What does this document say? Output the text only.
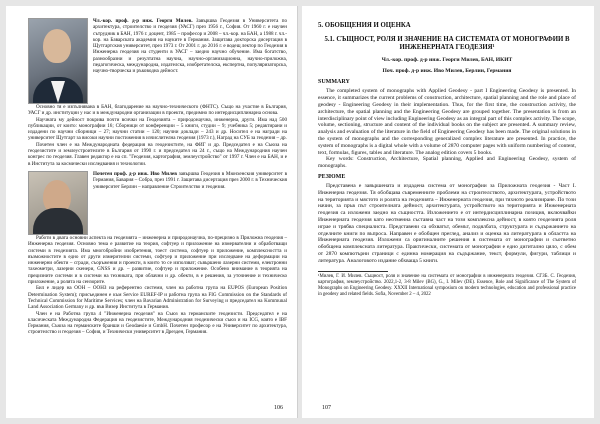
Чл.-кор. проф. д-р инж. Георги Милев. Завършва Геодезия в Университета по архитектура, строителство и геодезия (УАСГ) през 1956 г., София. От 1960 г. е научен сътрудник в БАН, 1976 г. доцент, 1985 – професор и 2008 – чл.-кор. на БАН, а 1988 г. чл.-кор. на Баварската академия на науките в Германия. Защитава докторска дисертация в Щутгартския университет, през 1973 г. От 2001 г. до 2016 г. е водещ лектор по Геодезия в Инженерна геодезия на студенти в УАСГ – заедно научно обучение. Има богатство, разнообразни и резултатна научна, научно-организационна, научно-приложна, педагогическа, международна, издателска, изобретателска, експертна, популяризаторска, научно-творческа и ръководна дейност.

Основно тя е изпълнявана в БАН, благодарение на научно-техническото (ФНТС). Също на участие в България, УАСГ и др. институции у нас и в международни организации в проекти, предимно по интердисциплинарна основа.

Научната му дейност покрива почти всички на Геодезията – природонаучна, инженерна, други. Има над 500 публикации, от които: монографии 16; Сборници от конференции – 5 книги, студии – 9; учебника 5; редактирани и издадени по научни сборници – 27; научни статии – 120; научни доклади – 243 и др. Носител е на награди на университет Щутгарт за високи научни постижения в изчислителна геодезия (1973 г.), Наград на СУБ за геодезия – др.

Почетен член е на Международната федерация на геодезистите, на ФИГ и др. Председател е на Съюза на геодезистите и землеустроителите в България от 1990 г. и председател на 24 г., също на Международния научен конгрес по геодезия. Главен редактор е на сп. "Геодезия, картография, землеустройство" от 1997 г. Член е на БАН, и е в Института за космически изследвания и технологии.

Почетен проф. д-р инж. Иво Милев завършва Геодезия в Мюнхенския университет в Германия, Бавария – Собра, през 1991 г. Защитава дисертация през 2000 г. в Техническия университет Берлин – направление Строителство и геодезия.

Работи в двата основни аспекта на геодезията – инженерна и природонаучна, по-прецизно в Приложна геодезия – Инженерна геодезия. Основно тема е развитие на теория, софтуер и приложение на измервателни и обработващи системи в геодезията. Има многобройни изобретения, тоест система, софтуер и приложение, комплексността и възможностите в едно от други измерителни системи, софтуер и приложение при изследване на деформации на инженерни обекти – сгради, съоръжения и проекти, в които то се използват; съвършено лазерни системи, електронни тахеометри, лазерни скенери, GNSS и др. – развитие, софтуер и приложение. Особено внимание в теорията на прецизните системи и в системи на техниката, при облачни и др. обекти, в е решения, за уточнение и техническо приложение, а ролята на сензорите.

Бил е лидер на ООН – ООНЗ на референтно системи, член на работна група на EUPOS (European Position Determination System); присъединен е към Service EUREF-IP и работна група на FIG Commission on the Standards of Technical Commission for Maritime Services; член на Bavarian Administration for Surveying и председател на Kommunal Land Association Germany и др. във Визер Института в Германия.

Член е на Работна група 4 "Инженерна геодезия" на Съюз на германските геодезисти. Председател е на класическата Международна Федерация на геодезистите, Международния геодезически съюз и на ICG, която е IBF Германия, Съюза на германските бранши и Geodaesie и GmbH. Почетен професор е на Университет по архитектура, строителство и геодезия – София, и Технически университет в Дрезден, Германия.

106
5. ОБОБЩЕНИЯ И ОЦЕНКА
5.1. СЪЩНОСТ, РОЛЯ И ЗНАЧЕНИЕ НА СИСТЕМАТА ОТ МОНОГРАФИИ В ИНЖЕНЕРНАТА ГЕОДЕЗИЯ¹
Чл.-кор. проф. д-р инж. Георги Милев, БАН, ИКИТ
Поч. проф. д-р инж. Иво Милев, Берлин, Германия
SUMMARY

The completed system of monographs with Applied Geodesy - part I Engineering Geodesy is presented. In essence, it summarizes the current problems of construction, architecture, spatial planning and the role and place of geodesy - Engineering Geodesy in their implementation. Thus, for the first time, the construction activity, the architecture, the spatial planning and the Engineering Geodesy are grouped together. The presentation is from an interdisciplinary point of view including Engineering Geodesy as an integral part of this complex activity. The scope, volume, sectioning, structure and content of the individual books on the subject are presented. A summary review, analysis and evaluation of the literature in the field of Engineering Geodesy has been made. The original solutions in the system of monographs and the corresponding generalized complex literature are presented. In practice, the system of monographs is a digital whole with a volume of 2870 computer pages with uniform numbering of content, text, formulas, figures, tables and literature. The analog edition covers 5 books.

Key words: Construction, Architecture, Spatial planning, Applied and Engineering Geodesy, system of monographs.

РЕЗЮМЕ

Представена е завършената и издадена система от монографии за Приложната геодезия - Част I. Инженерна геодезия. Тя обобщава съвременните проблеми на строителството, архитектурата, устройството на територията и мястото и ролята на геодезията – Инженерната геодезия, при тяхното реализиране. По този начин, за пръв път строителната дейност, архитектурата, устройството на територията и Инженерната геодезия са изложени заедно на същността. Изложението е от интердисциплинарна позиция, включвайки Инженерната геодезия като неотменна съставна част на този комплексна дейност, в която геодезията роля играе и трябва специалиста. Представени са обхватът, обемът, подялбата, структурата и съдържанието на отделните книги по въпроса. Направен е обобщен преглед, анализ и оценка на литературата в областта на Инженерната геодезия. Изложени са оригиналните решения в системата от монографии и съответно обобщена комплексната литература. Практически, системата от монографии е едно дигитално цяло, с обем от 2870 компютърни страници с единна номерация на съдържание, текст, формули, фигури, таблици и литература. Аналоговото издание обхваща 5 книги.

¹Милев, Г. И. Милев. Същност, роля и значение на системата от монографии в инженерната геодезия. СГЗБ. С. Геодезия, картография, землеустройство. 2022,1-2, 3-8 Milev (BG), G., I. Milev (DE). Essence, Role and Significance of The System of Monographs on Engineering Geodesy. XXXII International symposium on modern technologies, education and professional practice in geodesy and related fields. Sofia, November 2 – 4, 2022

107
